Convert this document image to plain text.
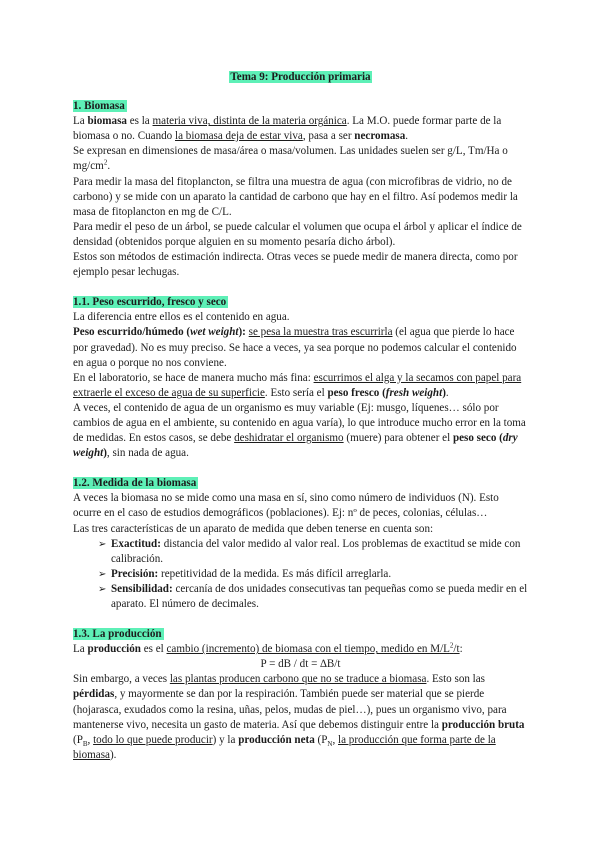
Tema 9: Producción primaria
1. Biomasa

La biomasa es la materia viva, distinta de la materia orgánica. La M.O. puede formar parte de la biomasa o no. Cuando la biomasa deja de estar viva, pasa a ser necromasa.

Se expresan en dimensiones de masa/área o masa/volumen. Las unidades suelen ser g/L, Tm/Ha o $mg/cm^2$.

Para medir la masa del fitoplancton, se filtra una muestra de agua (con microfibras de vidrio, no de carbono) y se mide con un aparato la cantidad de carbono que hay en el filtro. Así podemos medir la masa de fitoplancton en mg de C/L.

Para medir el peso de un árbol, se puede calcular el volumen que ocupa el árbol y aplicar el índice de densidad (obtenidos porque alguien en su momento pesaría dicho árbol).

Estos son métodos de estimación indirecta. Otras veces se puede medir de manera directa, como por ejemplo pesar lechugas.

1.1. Peso escurrido, fresco y seco

La diferencia entre ellos es el contenido en agua.

Peso escurrido/húmedo (wet weight): se pesa la muestra tras escurrirla (el agua que pierde lo hace por gravedad). No es muy preciso. Se hace a veces, ya sea porque no podemos calcular el contenido en agua o porque no nos conviene.

En el laboratorio, se hace de manera mucho más fina: escurrimos el alga y la secamos con papel para extraerle el exceso de agua de su superficie. Esto sería el peso fresco (fresh weight).

A veces, el contenido de agua de un organismo es muy variable (Ej: musgo, líquenes… sólo por cambios de agua en el ambiente, su contenido en agua varía), lo que introduce mucho error en la toma de medidas. En estos casos, se debe deshidratar el organismo (muere) para obtener el peso seco (dry weight), sin nada de agua.

1.2. Medida de la biomasa

A veces la biomasa no se mide como una masa en sí, sino como número de individuos (N). Esto ocurre en el caso de estudios demográficos (poblaciones). Ej: nº de peces, colonias, células…

Las tres características de un aparato de medida que deben tenerse en cuenta son:

➢ Exactitud: distancia del valor medido al valor real. Los problemas de exactitud se mide con calibración.
➢ Precisión: repetitividad de la medida. Es más difícil arreglarla.
➢ Sensibilidad: cercanía de dos unidades consecutivas tan pequeñas como se pueda medir en el aparato. El número de decimales.
1.3. La producción

La producción es el cambio (incremento) de biomasa con el tiempo, medido en $M/L^2/t$:

P = dB / dt = ∆B/t

Sin embargo, a veces las plantas producen carbono que no se traduce a biomasa. Esto son las pérdidas, y mayormente se dan por la respiración. También puede ser material que se pierde (hojarasca, exudados como la resina, uñas, pelos, mudas de piel…), pues un organismo vivo, para mantenerse vivo, necesita un gasto de materia. Así que debemos distinguir entre la producción bruta ($P_B$, todo lo que puede producir) y la producción neta ($P_N$, la producción que forma parte de la biomasa).
